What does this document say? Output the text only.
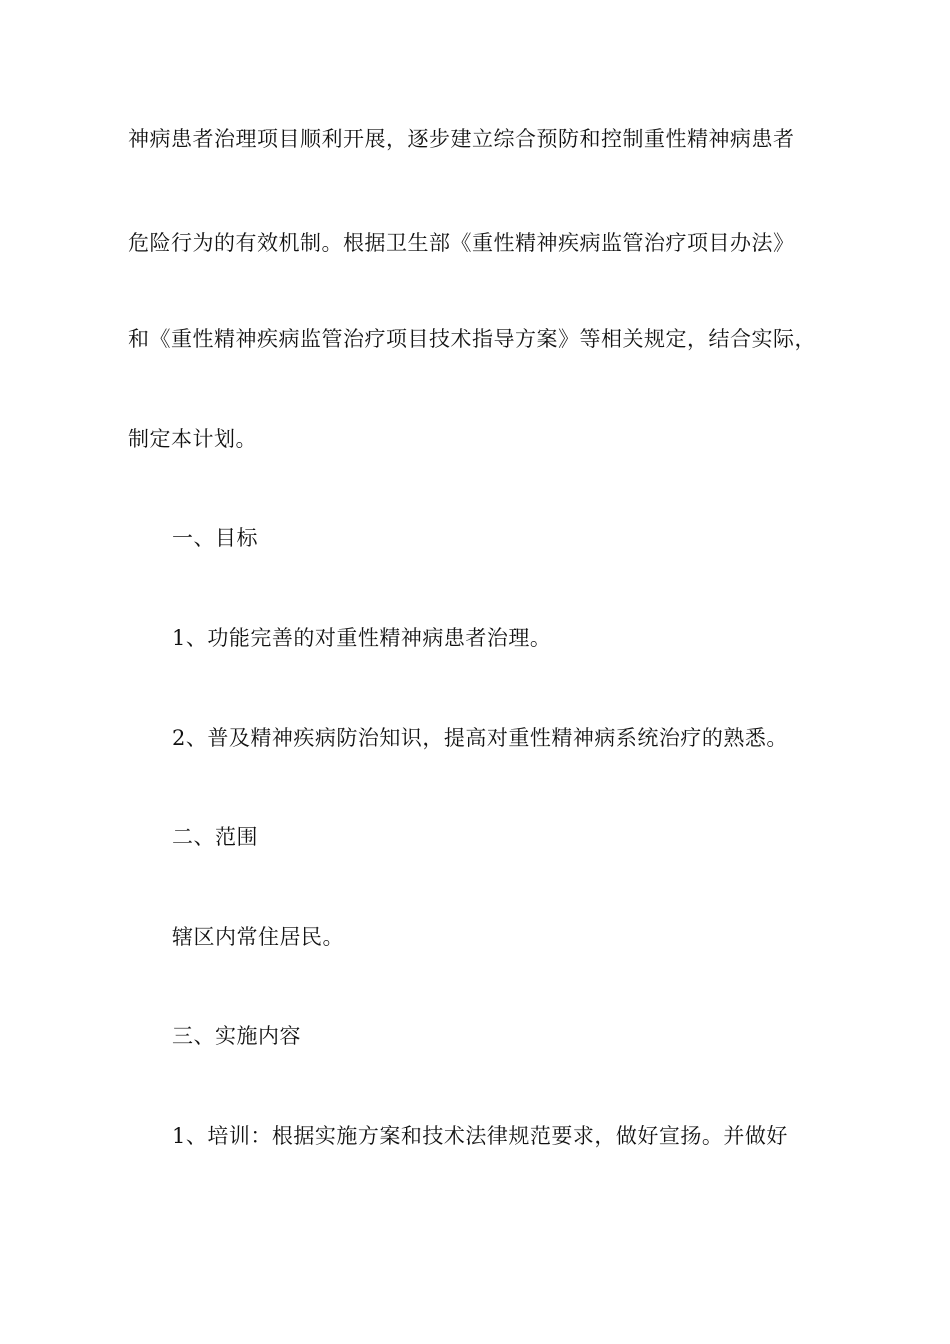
神病患者治理项目顺利开展，逐步建立综合预防和控制重性精神病患者
危险行为的有效机制。根据卫生部《重性精神疾病监管治疗项目办法》
和《重性精神疾病监管治疗项目技术指导方案》等相关规定，结合实际，
制定本计划。
一、目标
1、功能完善的对重性精神病患者治理。
2、普及精神疾病防治知识，提高对重性精神病系统治疗的熟悉。
二、范围
辖区内常住居民。
三、实施内容
1、培训：根据实施方案和技术法律规范要求，做好宣扬。并做好
